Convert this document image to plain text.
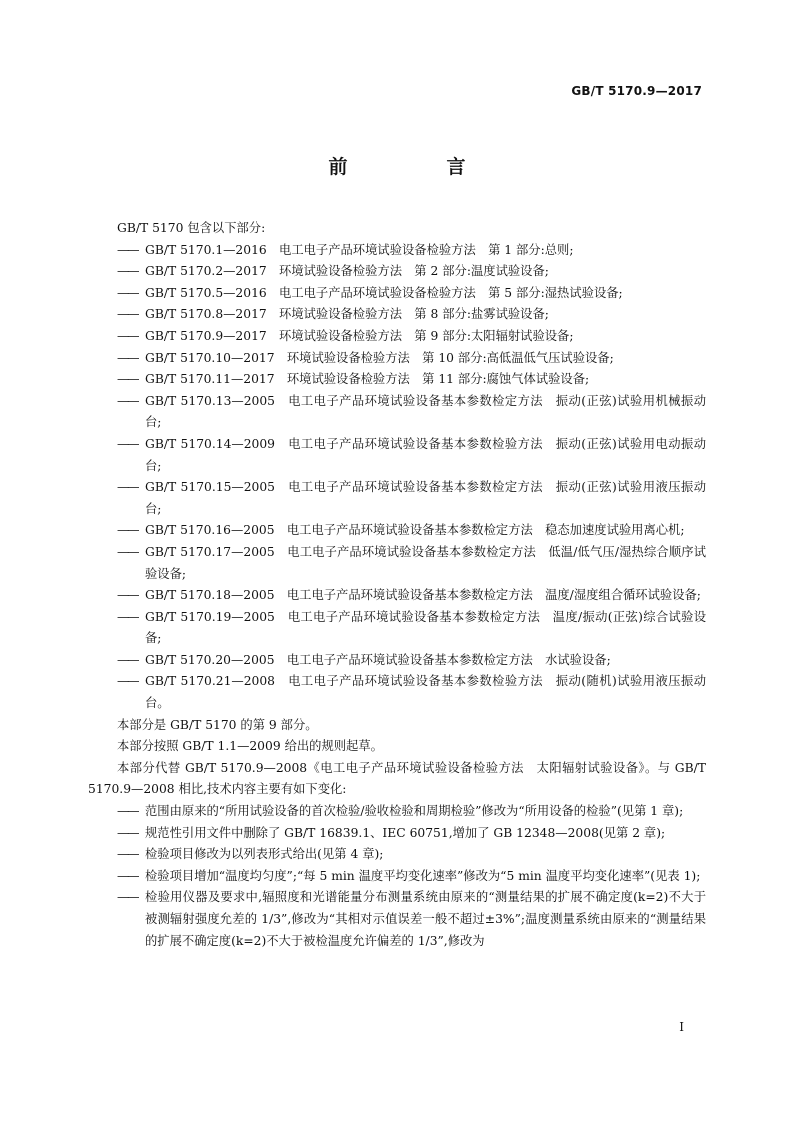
GB/T 5170.9—2017
前　言
GB/T 5170 包含以下部分:
—— GB/T 5170.1—2016　电工电子产品环境试验设备检验方法　第 1 部分:总则;
—— GB/T 5170.2—2017　环境试验设备检验方法　第 2 部分:温度试验设备;
—— GB/T 5170.5—2016　电工电子产品环境试验设备检验方法　第 5 部分:湿热试验设备;
—— GB/T 5170.8—2017　环境试验设备检验方法　第 8 部分:盐雾试验设备;
—— GB/T 5170.9—2017　环境试验设备检验方法　第 9 部分:太阳辐射试验设备;
—— GB/T 5170.10—2017　环境试验设备检验方法　第 10 部分:高低温低气压试验设备;
—— GB/T 5170.11—2017　环境试验设备检验方法　第 11 部分:腐蚀气体试验设备;
—— GB/T 5170.13—2005　电工电子产品环境试验设备基本参数检定方法　振动(正弦)试验用机械振动台;
—— GB/T 5170.14—2009　电工电子产品环境试验设备基本参数检验方法　振动(正弦)试验用电动振动台;
—— GB/T 5170.15—2005　电工电子产品环境试验设备基本参数检定方法　振动(正弦)试验用液压振动台;
—— GB/T 5170.16—2005　电工电子产品环境试验设备基本参数检定方法　稳态加速度试验用离心机;
—— GB/T 5170.17—2005　电工电子产品环境试验设备基本参数检定方法　低温/低气压/湿热综合顺序试验设备;
—— GB/T 5170.18—2005　电工电子产品环境试验设备基本参数检定方法　温度/湿度组合循环试验设备;
—— GB/T 5170.19—2005　电工电子产品环境试验设备基本参数检定方法　温度/振动(正弦)综合试验设备;
—— GB/T 5170.20—2005　电工电子产品环境试验设备基本参数检定方法　水试验设备;
—— GB/T 5170.21—2008　电工电子产品环境试验设备基本参数检验方法　振动(随机)试验用液压振动台。
本部分是 GB/T 5170 的第 9 部分。
本部分按照 GB/T 1.1—2009 给出的规则起草。
本部分代替 GB/T 5170.9—2008《电工电子产品环境试验设备检验方法　太阳辐射试验设备》。与 GB/T 5170.9—2008 相比,技术内容主要有如下变化:
—— 范围由原来的“所用试验设备的首次检验/验收检验和周期检验”修改为“所用设备的检验”(见第 1 章);
—— 规范性引用文件中删除了 GB/T 16839.1、IEC 60751,增加了 GB 12348—2008(见第 2 章);
—— 检验项目修改为以列表形式给出(见第 4 章);
—— 检验项目增加“温度均匀度”;“每 5 min 温度平均变化速率”修改为“5 min 温度平均变化速率”(见表 1);
—— 检验用仪器及要求中,辐照度和光谱能量分布测量系统由原来的“测量结果的扩展不确定度(k=2)不大于被测辐射强度允差的 1/3”,修改为“其相对示值误差一般不超过±3%”;温度测量系统由原来的“测量结果的扩展不确定度(k=2)不大于被检温度允许偏差的 1/3”,修改为
I
